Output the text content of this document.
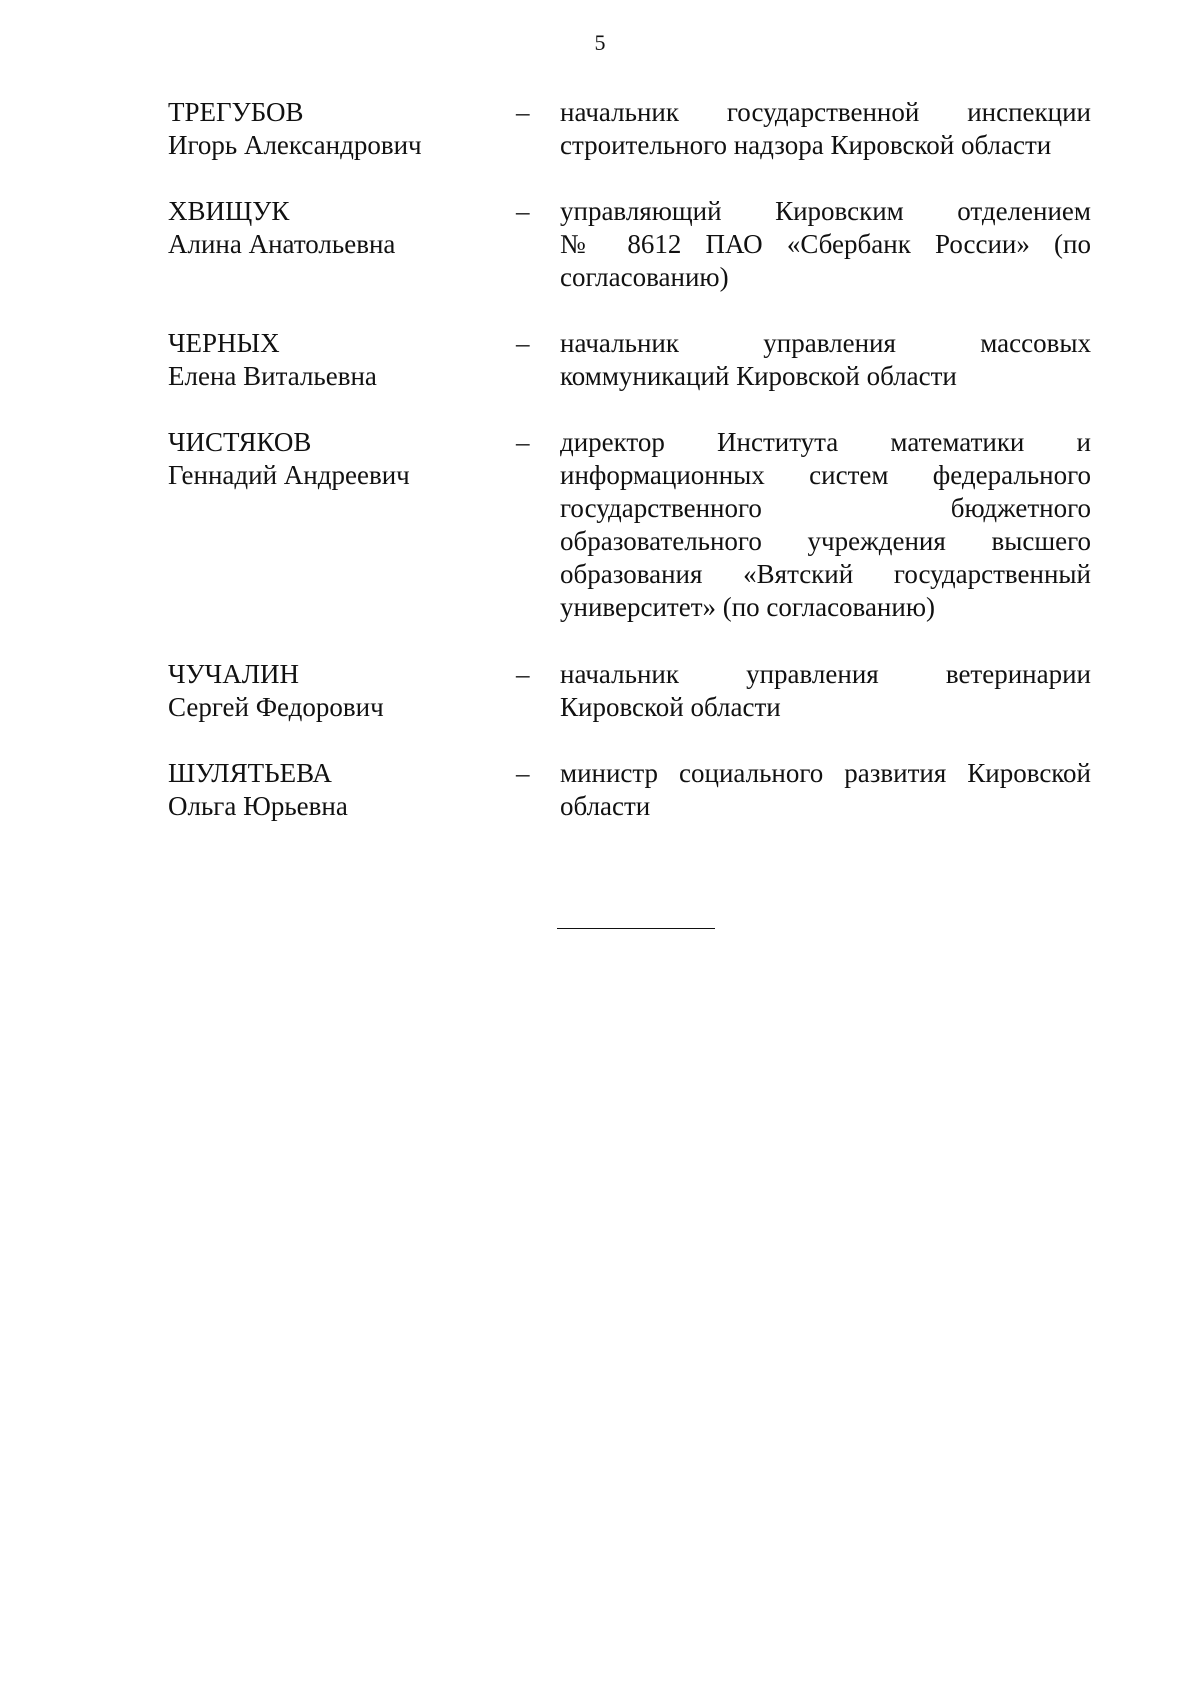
5
ТРЕГУБОВ
Игорь Александрович
–	начальник государственной инспекции
строительного надзора Кировской области
ХВИЩУК
Алина Анатольевна
–	управляющий Кировским отделением
№ 8612 ПАО «Сбербанк России» (по
согласованию)
ЧЕРНЫХ
Елена Витальевна
–	начальник управления массовых
коммуникаций Кировской области
ЧИСТЯКОВ
Геннадий Андреевич
–	директор Института математики и
информационных систем федерального
государственного бюджетного
образовательного учреждения высшего
образования «Вятский государственный
университет» (по согласованию)
ЧУЧАЛИН
Сергей Федорович
–	начальник управления ветеринарии
Кировской области
ШУЛЯТЬЕВА
Ольга Юрьевна
–	министр социального развития Кировской
области
